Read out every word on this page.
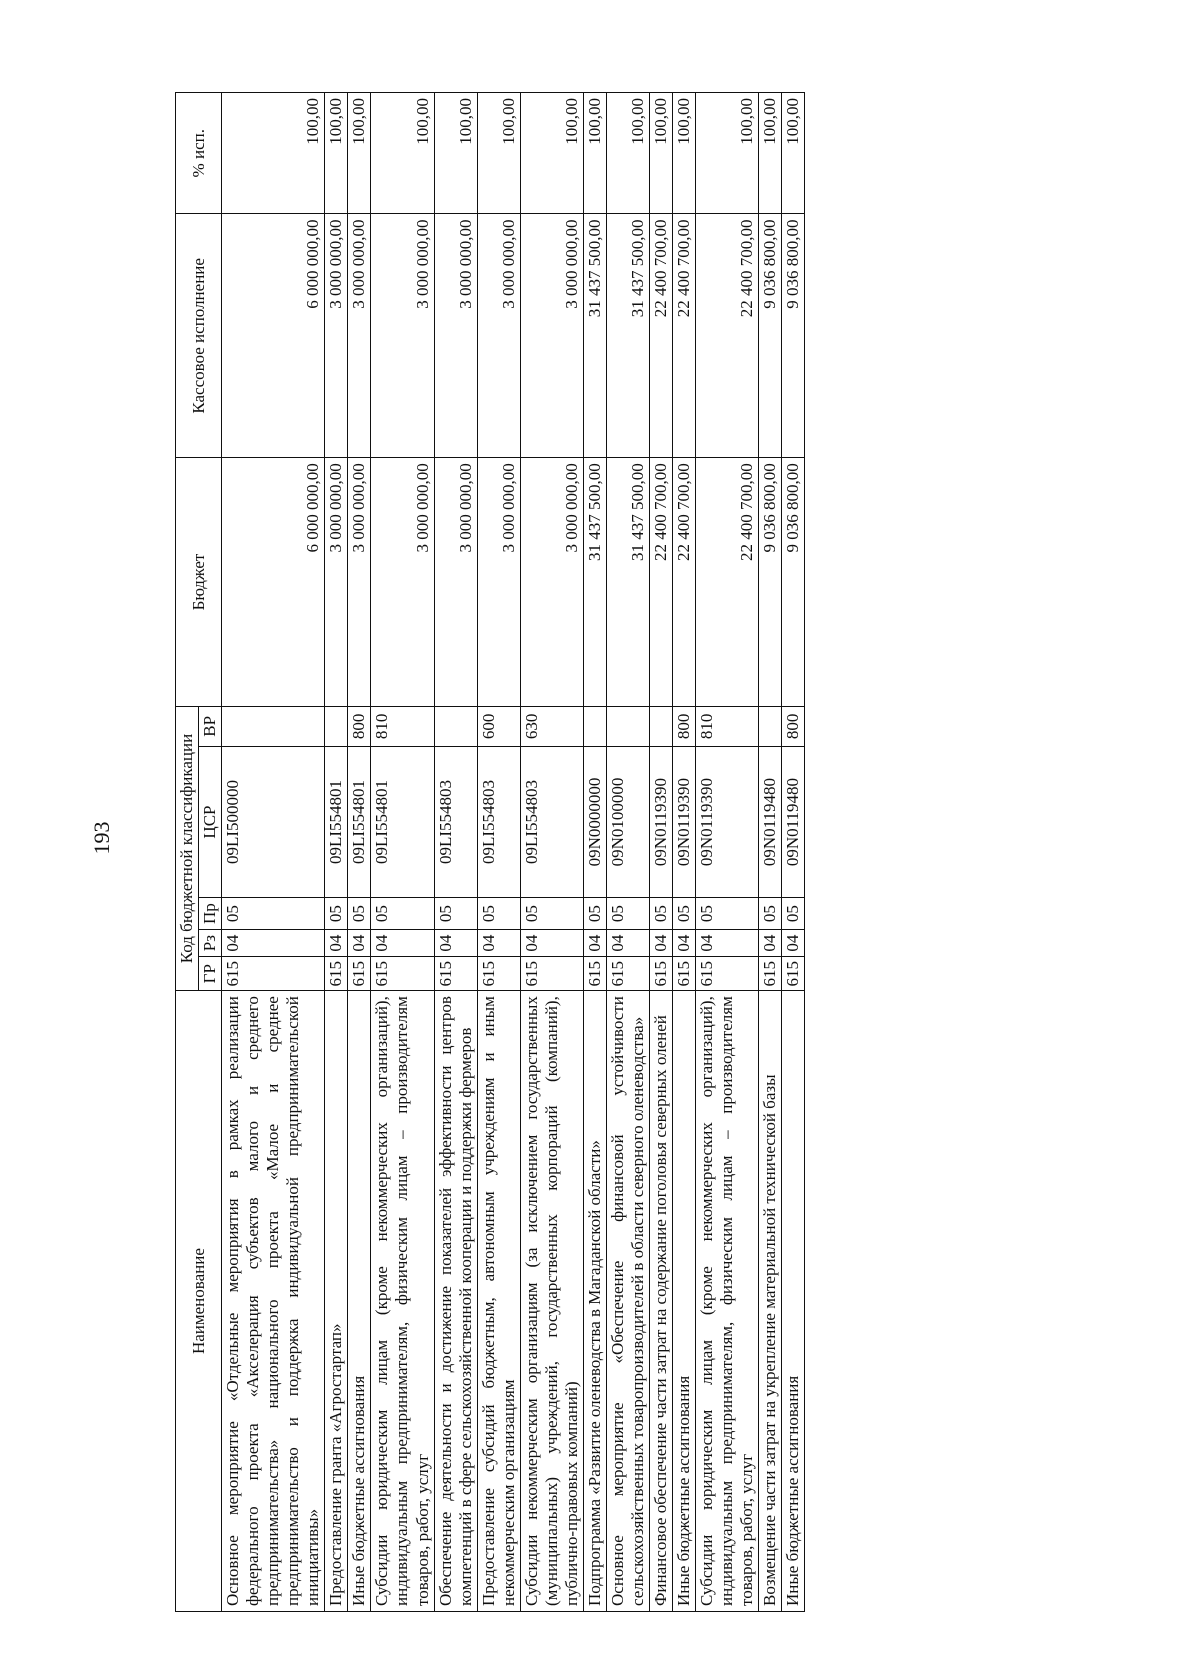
193
Наименование	Код бюджетной классификации					Бюджет	Кассовое исполнение	% исп.
	ГР	Рз	Пр	ЦСР	ВР			
Основное мероприятие «Отдельные мероприятия в рамках реализации федерального проекта «Акселерация субъектов малого и среднего предпринимательства» национального проекта «Малое и среднее предпринимательство и поддержка индивидуальной предпринимательской инициативы»	615	04	05	09LI500000		6 000 000,00	6 000 000,00	100,00
Предоставление гранта «Агростартап»	615	04	05	09LI554801		3 000 000,00	3 000 000,00	100,00
Иные бюджетные ассигнования	615	04	05	09LI554801	800	3 000 000,00	3 000 000,00	100,00
Субсидии юридическим лицам (кроме некоммерческих организаций), индивидуальным предпринимателям, физическим лицам – производителям товаров, работ, услуг	615	04	05	09LI554801	810	3 000 000,00	3 000 000,00	100,00
Обеспечение деятельности и достижение показателей эффективности центров компетенций в сфере сельскохозяйственной кооперации и поддержки фермеров	615	04	05	09LI554803		3 000 000,00	3 000 000,00	100,00
Предоставление субсидий бюджетным, автономным учреждениям и иным некоммерческим организациям	615	04	05	09LI554803	600	3 000 000,00	3 000 000,00	100,00
Субсидии некоммерческим организациям (за исключением государственных (муниципальных) учреждений, государственных корпораций (компаний), публично-правовых компаний)	615	04	05	09LI554803	630	3 000 000,00	3 000 000,00	100,00
Подпрограмма «Развитие оленеводства в Магаданской области»	615	04	05	09N0000000		31 437 500,00	31 437 500,00	100,00
Основное мероприятие «Обеспечение финансовой устойчивости сельскохозяйственных товаропроизводителей в области северного оленеводства»	615	04	05	09N0100000		31 437 500,00	31 437 500,00	100,00
Финансовое обеспечение части затрат на содержание поголовья северных оленей	615	04	05	09N0119390		22 400 700,00	22 400 700,00	100,00
Иные бюджетные ассигнования	615	04	05	09N0119390	800	22 400 700,00	22 400 700,00	100,00
Субсидии юридическим лицам (кроме некоммерческих организаций), индивидуальным предпринимателям, физическим лицам – производителям товаров, работ, услуг	615	04	05	09N0119390	810	22 400 700,00	22 400 700,00	100,00
Возмещение части затрат на укрепление материальной технической базы	615	04	05	09N0119480		9 036 800,00	9 036 800,00	100,00
Иные бюджетные ассигнования	615	04	05	09N0119480	800	9 036 800,00	9 036 800,00	100,00
